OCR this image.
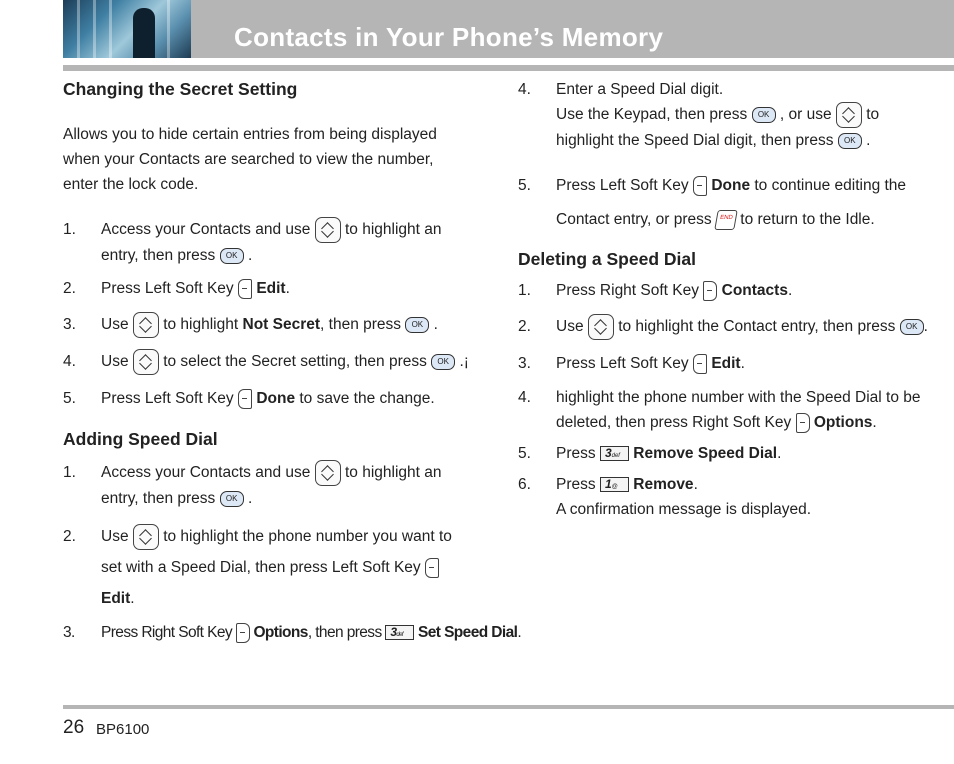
Contacts in Your Phone’s Memory

Changing the Secret Setting

Allows you to hide certain entries from being displayed when your Contacts are searched to view the number, enter the lock code.

1. Access your Contacts and use to highlight an entry, then press OK .
2. Press Left Soft Key Edit.
3. Use to highlight Not Secret, then press OK .
4. Use to select the Secret setting, then press OK .¡
5. Press Left Soft Key Done to save the change.

Adding Speed Dial

1. Access your Contacts and use to highlight an entry, then press OK .
2. Use to highlight the phone number you want to set with a Speed Dial, then press Left Soft Key  Edit.
3. Press Right Soft Key Options, then press 3def Set Speed Dial.
4. Enter a Speed Dial digit.
Use the Keypad, then press OK , or use to highlight the Speed Dial digit, then press OK .
5. Press Left Soft Key Done to continue editing the Contact entry, or press END to return to the Idle.

Deleting a Speed Dial

1. Press Right Soft Key Contacts.
2. Use to highlight the Contact entry, then press OK .
3. Press Left Soft Key Edit.
4. highlight the phone number with the Speed Dial to be deleted, then press Right Soft Key Options.
5. Press 3def Remove Speed Dial.
6. Press 1@ Remove.
A confirmation message is displayed.
26 BP6100
